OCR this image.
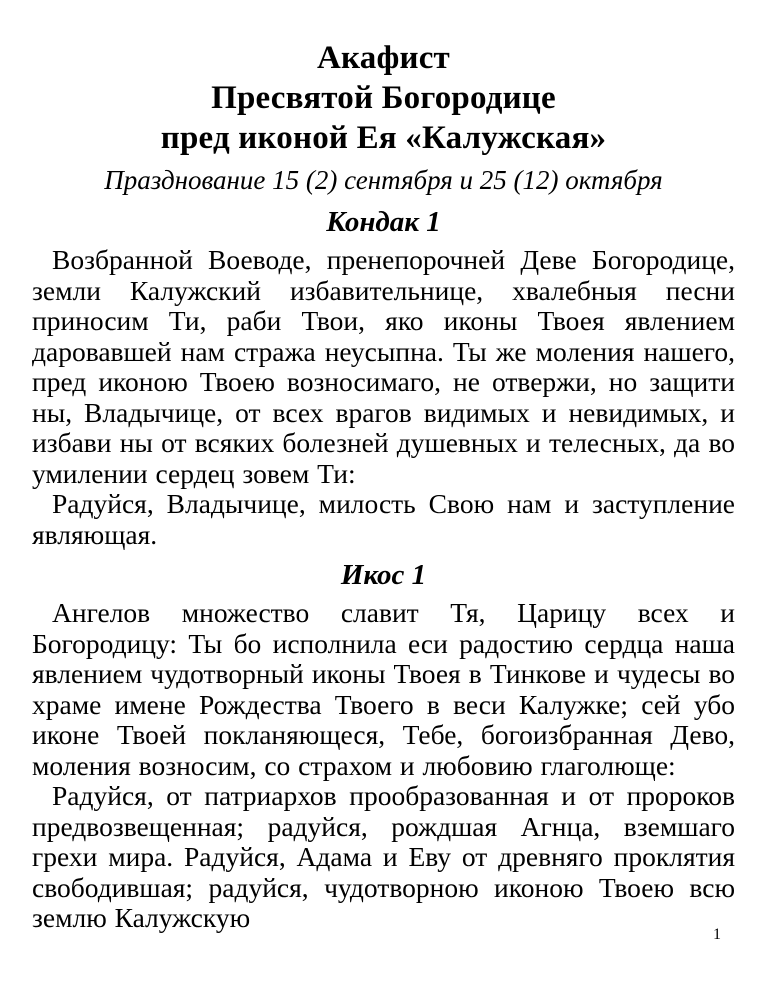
Акафист
Пресвятой Богородице
пред иконой Ея «Калужская»
Празднование 15 (2) сентября и 25 (12) октября
Кондак 1

Возбранной Воеводе, пренепорочней Деве Богородице, земли Калужский избавительнице, хвалебныя песни приносим Ти, раби Твои, яко иконы Твоея явлением даровавшей нам стража неусыпна. Ты же моления нашего, пред иконою Твоею возносимаго, не отвержи, но защити ны, Владычице, от всех врагов видимых и невидимых, и избави ны от всяких болезней душевных и телесных, да во умилении сердец зовем Ти:

Радуйся, Владычице, милость Свою нам и заступление являющая.

Икос 1

Ангелов множество славит Тя, Царицу всех и Богородицу: Ты бо исполнила еси радостию сердца наша явлением чудотворный иконы Твоея в Тинкове и чудесы во храме имене Рождества Твоего в веси Калужке; сей убо иконе Твоей покланяющеся, Тебе, богоизбранная Дево, моления возносим, со страхом и любовию глаголюще:

Радуйся, от патриархов прообразованная и от пророков предвозвещенная; радуйся, рождшая Агнца, вземшаго грехи мира. Радуйся, Адама и Еву от древняго проклятия свободившая; радуйся, чудотворною иконою Твоею всю землю Калужскую

1
